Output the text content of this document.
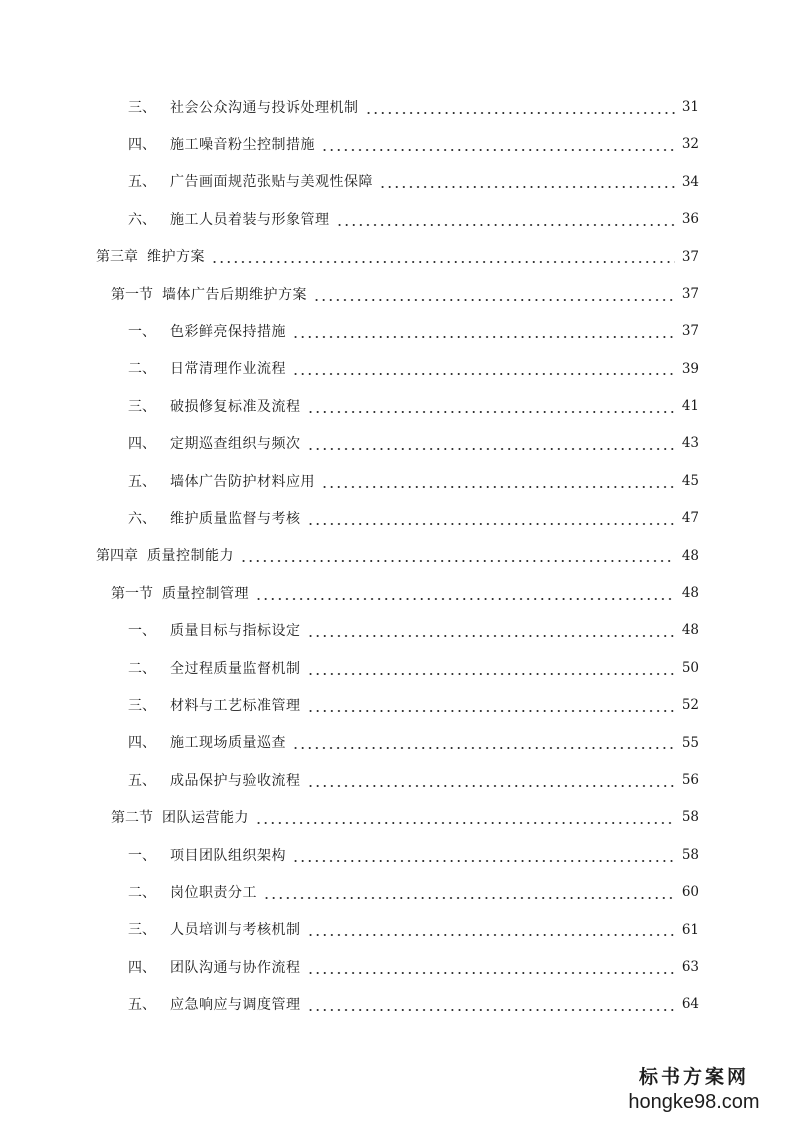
三、	社会公众沟通与投诉处理机制	31
四、	施工噪音粉尘控制措施	32
五、	广告画面规范张贴与美观性保障	34
六、	施工人员着装与形象管理	36
第三章 维护方案	37
第一节 墙体广告后期维护方案	37
一、	色彩鲜亮保持措施	37
二、	日常清理作业流程	39
三、	破损修复标准及流程	41
四、	定期巡查组织与频次	43
五、	墙体广告防护材料应用	45
六、	维护质量监督与考核	47
第四章 质量控制能力	48
第一节 质量控制管理	48
一、	质量目标与指标设定	48
二、	全过程质量监督机制	50
三、	材料与工艺标准管理	52
四、	施工现场质量巡查	55
五、	成品保护与验收流程	56
第二节 团队运营能力	58
一、	项目团队组织架构	58
二、	岗位职责分工	60
三、	人员培训与考核机制	61
四、	团队沟通与协作流程	63
五、	应急响应与调度管理	64
标书方案网
hongke98.com
